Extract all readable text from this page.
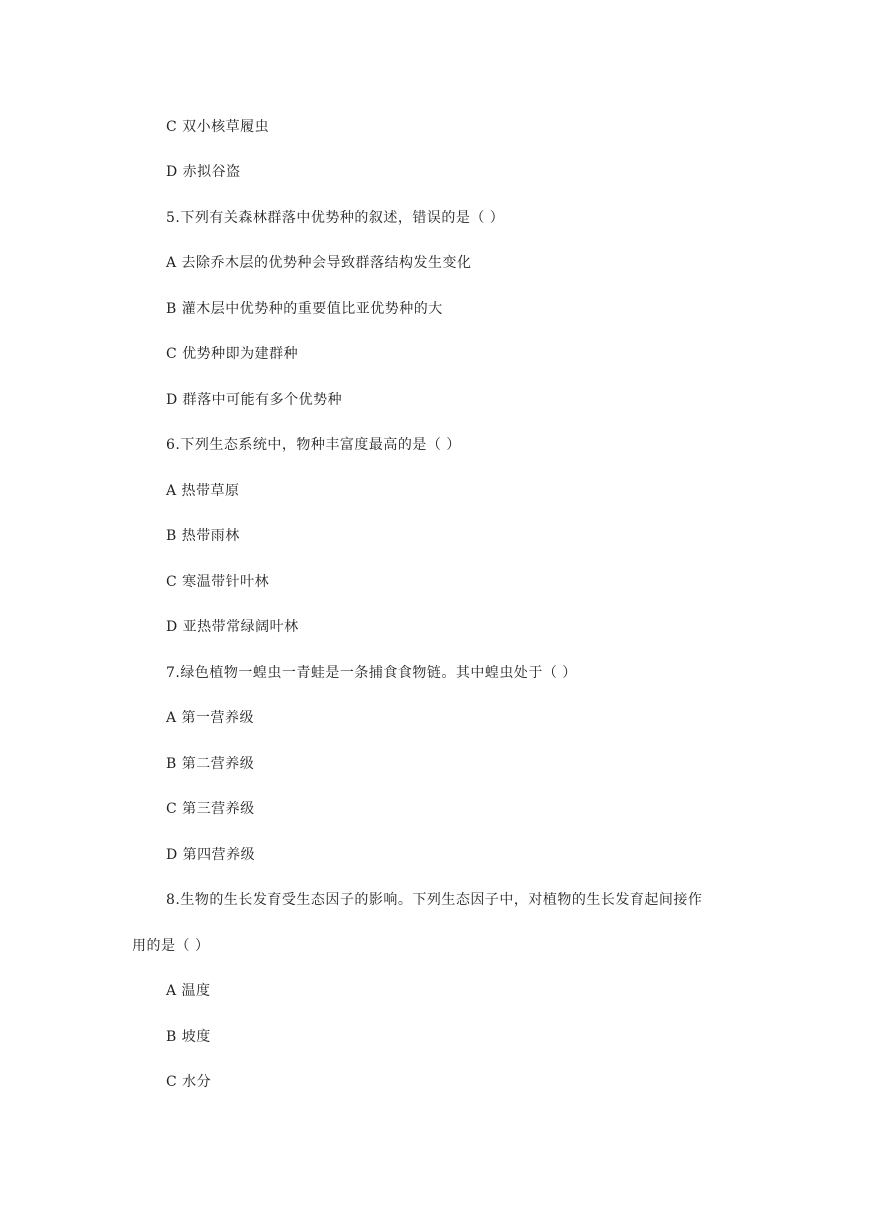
C 双小核草履虫
D 赤拟谷盗
5.下列有关森林群落中优势种的叙述，错误的是（ ）
A 去除乔木层的优势种会导致群落结构发生变化
B 灌木层中优势种的重要值比亚优势种的大
C 优势种即为建群种
D 群落中可能有多个优势种
6.下列生态系统中，物种丰富度最高的是（ ）
A 热带草原
B 热带雨林
C 寒温带针叶林
D 亚热带常绿阔叶林
7.绿色植物一蝗虫一青蛙是一条捕食食物链。其中蝗虫处于（ ）
A 第一营养级
B 第二营养级
C 第三营养级
D 第四营养级
8.生物的生长发育受生态因子的影响。下列生态因子中，对植物的生长发育起间接作
用的是（ ）
A 温度
B 坡度
C 水分
